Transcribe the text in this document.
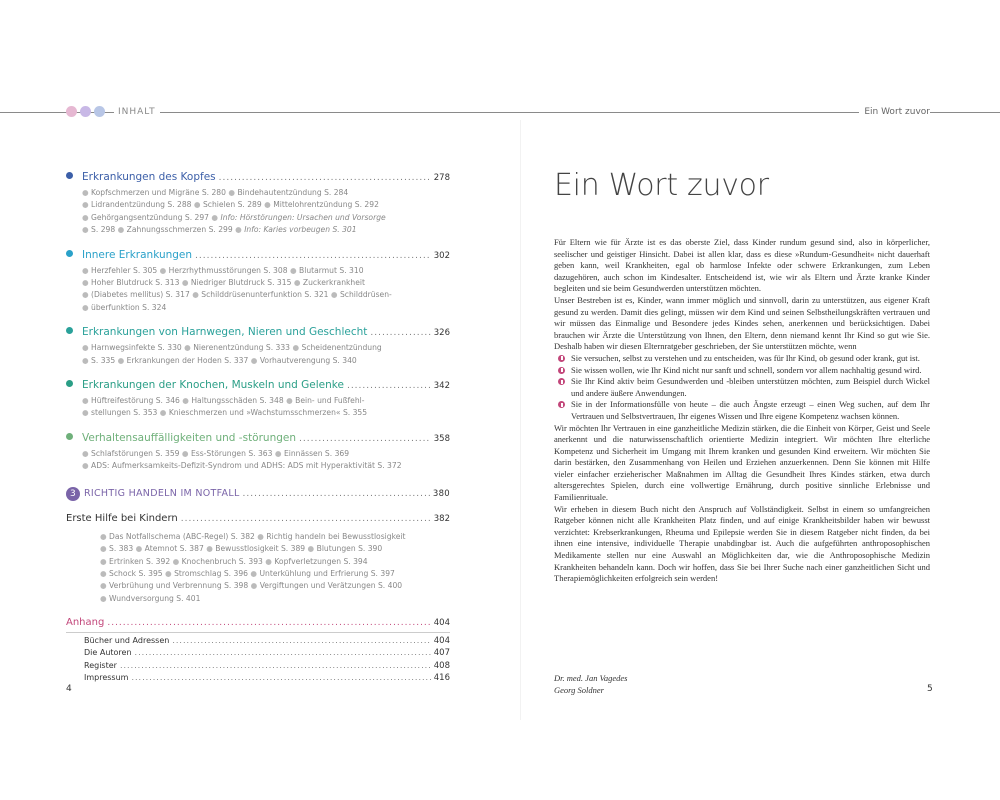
INHALT	Ein Wort zuvor
Erkrankungen des Kopfes .....	278
● Kopfschmerzen und Migräne S. 280 ● Bindehautentzündung S. 284
● Lidrandentzündung S. 288 ● Schielen S. 289 ● Mittelohrentzündung S. 292
● Gehörgangsentzündung S. 297 ● Info: Hörstörungen: Ursachen und Vorsorge
● S. 298 ● Zahnungsschmerzen S. 299 ● Info: Karies vorbeugen S. 301
Innere Erkrankungen .....	302
● Herzfehler S. 305 ● Herzrhythmusstörungen S. 308 ● Blutarmut S. 310
● Hoher Blutdruck S. 313 ● Niedriger Blutdruck S. 315 ● Zuckerkrankheit
● (Diabetes mellitus) S. 317 ● Schilddrüsenunterfunktion S. 321 ● Schilddrüsen-
● überfunktion S. 324
Erkrankungen von Harnwegen, Nieren und Geschlecht .....	326
● Harnwegsinfekte S. 330 ● Nierenentzündung S. 333 ● Scheidenentzündung
● S. 335 ● Erkrankungen der Hoden S. 337 ● Vorhautverengung S. 340
Erkrankungen der Knochen, Muskeln und Gelenke .....	342
● Hüftreifestörung S. 346 ● Haltungsschäden S. 348 ● Bein- und Fußfehl-
● stellungen S. 353 ● Knieschmerzen und »Wachstumsschmerzen« S. 355
Verhaltensauffälligkeiten und -störungen .....	358
● Schlafstörungen S. 359 ● Ess-Störungen S. 363 ● Einnässen S. 369
● ADS: Aufmerksamkeits-Defizit-Syndrom und ADHS: ADS mit Hyperaktivität S. 372
3 RICHTIG HANDELN IM NOTFALL .....	380
Erste Hilfe bei Kindern .....	382
● Das Notfallschema (ABC-Regel) S. 382 ● Richtig handeln bei Bewusstlosigkeit
● S. 383 ● Atemnot S. 387 ● Bewusstlosigkeit S. 389 ● Blutungen S. 390
● Ertrinken S. 392 ● Knochenbruch S. 393 ● Kopfverletzungen S. 394
● Schock S. 395 ● Stromschlag S. 396 ● Unterkühlung und Erfrierung S. 397
● Verbrühung und Verbrennung S. 398 ● Vergiftungen und Verätzungen S. 400
● Wundversorgung S. 401
Anhang .....	404
Bücher und Adressen .....	404
Die Autoren .....	407
Register .....	408
Impressum .....	416
4
Ein Wort zuvor

Für Eltern wie für Ärzte ist es das oberste Ziel, dass Kinder rundum gesund sind, also in körperlicher, seelischer und geistiger Hinsicht. Dabei ist allen klar, dass es diese »Rundum-Gesundheit« nicht dauerhaft geben kann, weil Krankheiten, egal ob harmlose Infekte oder schwere Erkrankungen, zum Leben dazugehören, auch schon im Kindesalter. Entscheidend ist, wie wir als Eltern und Ärzte kranke Kinder begleiten und sie beim Gesundwerden unterstützen möchten.

Unser Bestreben ist es, Kinder, wann immer möglich und sinnvoll, darin zu unterstützen, aus eigener Kraft gesund zu werden. Damit dies gelingt, müssen wir dem Kind und seinen Selbstheilungskräften vertrauen und wir müssen das Einmalige und Besondere jedes Kindes sehen, anerkennen und berücksichtigen. Dabei brauchen wir Ärzte die Unterstützung von Ihnen, den Eltern, denn niemand kennt Ihr Kind so gut wie Sie. Deshalb haben wir diesen Elternratgeber geschrieben, der Sie unterstützen möchte, wenn

Sie versuchen, selbst zu verstehen und zu entscheiden, was für Ihr Kind, ob gesund oder krank, gut ist.
Sie wissen wollen, wie Ihr Kind nicht nur sanft und schnell, sondern vor allem nachhaltig gesund wird.
Sie Ihr Kind aktiv beim Gesundwerden und -bleiben unterstützen möchten, zum Beispiel durch Wickel und andere äußere Anwendungen.
Sie in der Informationsfülle von heute – die auch Ängste erzeugt – einen Weg suchen, auf dem Ihr Vertrauen und Selbstvertrauen, Ihr eigenes Wissen und Ihre eigene Kompetenz wachsen können.

Wir möchten Ihr Vertrauen in eine ganzheitliche Medizin stärken, die die Einheit von Körper, Geist und Seele anerkennt und die naturwissenschaftlich orientierte Medizin integriert. Wir möchten Ihre elterliche Kompetenz und Sicherheit im Umgang mit Ihrem kranken und gesunden Kind erweitern. Wir möchten Sie darin bestärken, den Zusammenhang von Heilen und Erziehen anzuerkennen. Denn Sie können mit Hilfe vieler einfacher erzieherischer Maßnahmen im Alltag die Gesundheit Ihres Kindes stärken, etwa durch altersgerechtes Spielen, durch eine vollwertige Ernährung, durch positive sinnliche Erlebnisse und Familienrituale.

Wir erheben in diesem Buch nicht den Anspruch auf Vollständigkeit. Selbst in einem so umfangreichen Ratgeber können nicht alle Krankheiten Platz finden, und auf einige Krankheitsbilder haben wir bewusst verzichtet: Krebserkrankungen, Rheuma und Epilepsie werden Sie in diesem Ratgeber nicht finden, da bei ihnen eine intensive, individuelle Therapie unabdingbar ist. Auch die aufgeführten anthroposophischen Medikamente stellen nur eine Auswahl an Möglichkeiten dar, wie die Anthroposophische Medizin Krankheiten behandeln kann. Doch wir hoffen, dass Sie bei Ihrer Suche nach einer ganzheitlichen Sicht und Therapiemöglichkeiten erfolgreich sein werden!

Dr. med. Jan Vagedes
Georg Soldner	5
